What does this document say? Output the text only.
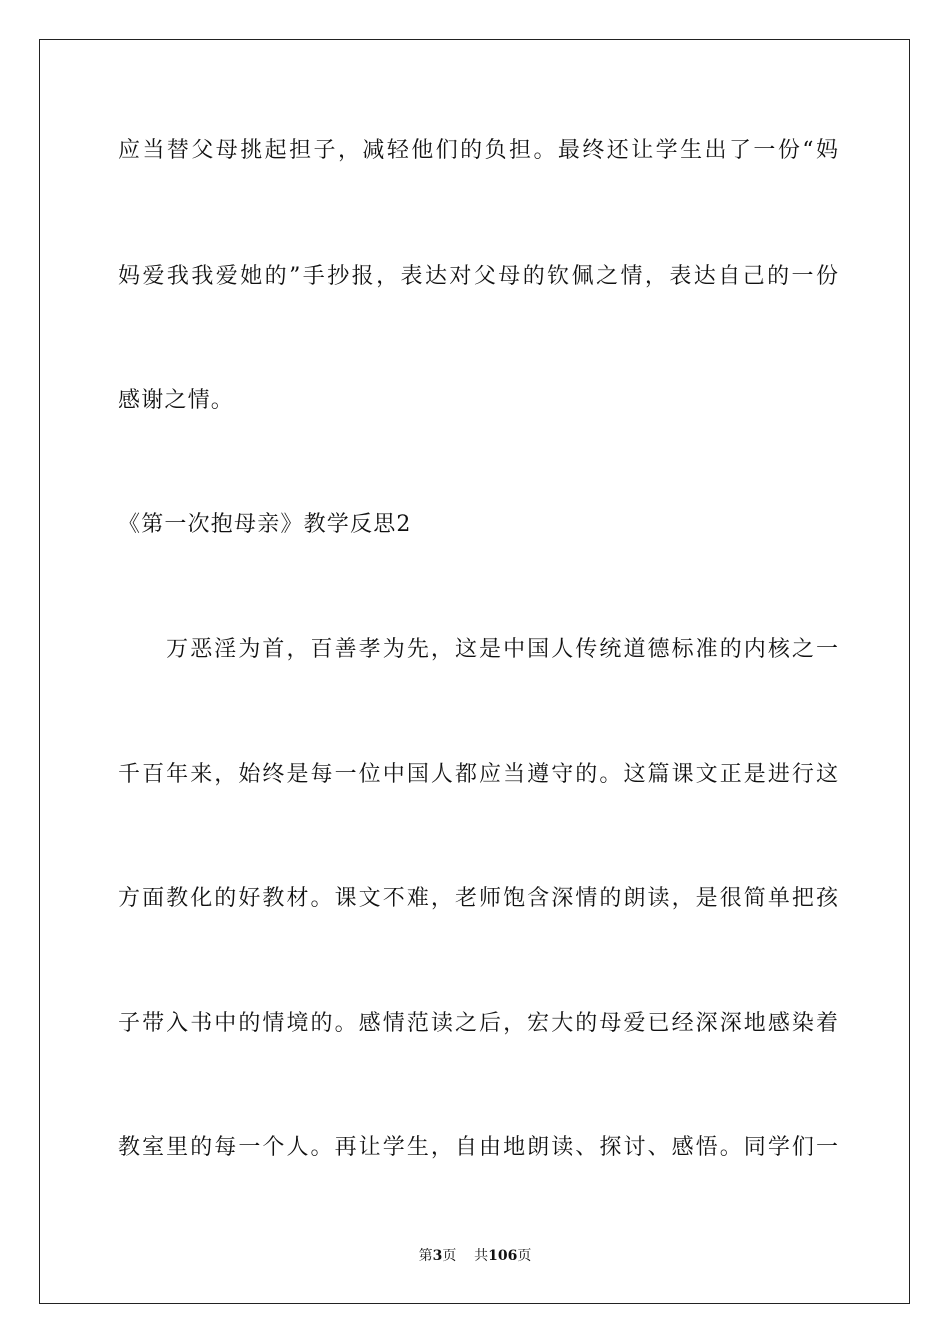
应当替父母挑起担子，减轻他们的负担。最终还让学生出了一份“妈
妈爱我我爱她的”手抄报，表达对父母的钦佩之情，表达自己的一份
感谢之情。
《第一次抱母亲》教学反思2
　　万恶淫为首，百善孝为先，这是中国人传统道德标准的内核之一
千百年来，始终是每一位中国人都应当遵守的。这篇课文正是进行这
方面教化的好教材。课文不难，老师饱含深情的朗读，是很简单把孩
子带入书中的情境的。感情范读之后，宏大的母爱已经深深地感染着
教室里的每一个人。再让学生，自由地朗读、探讨、感悟。同学们一
第3页 共106页
